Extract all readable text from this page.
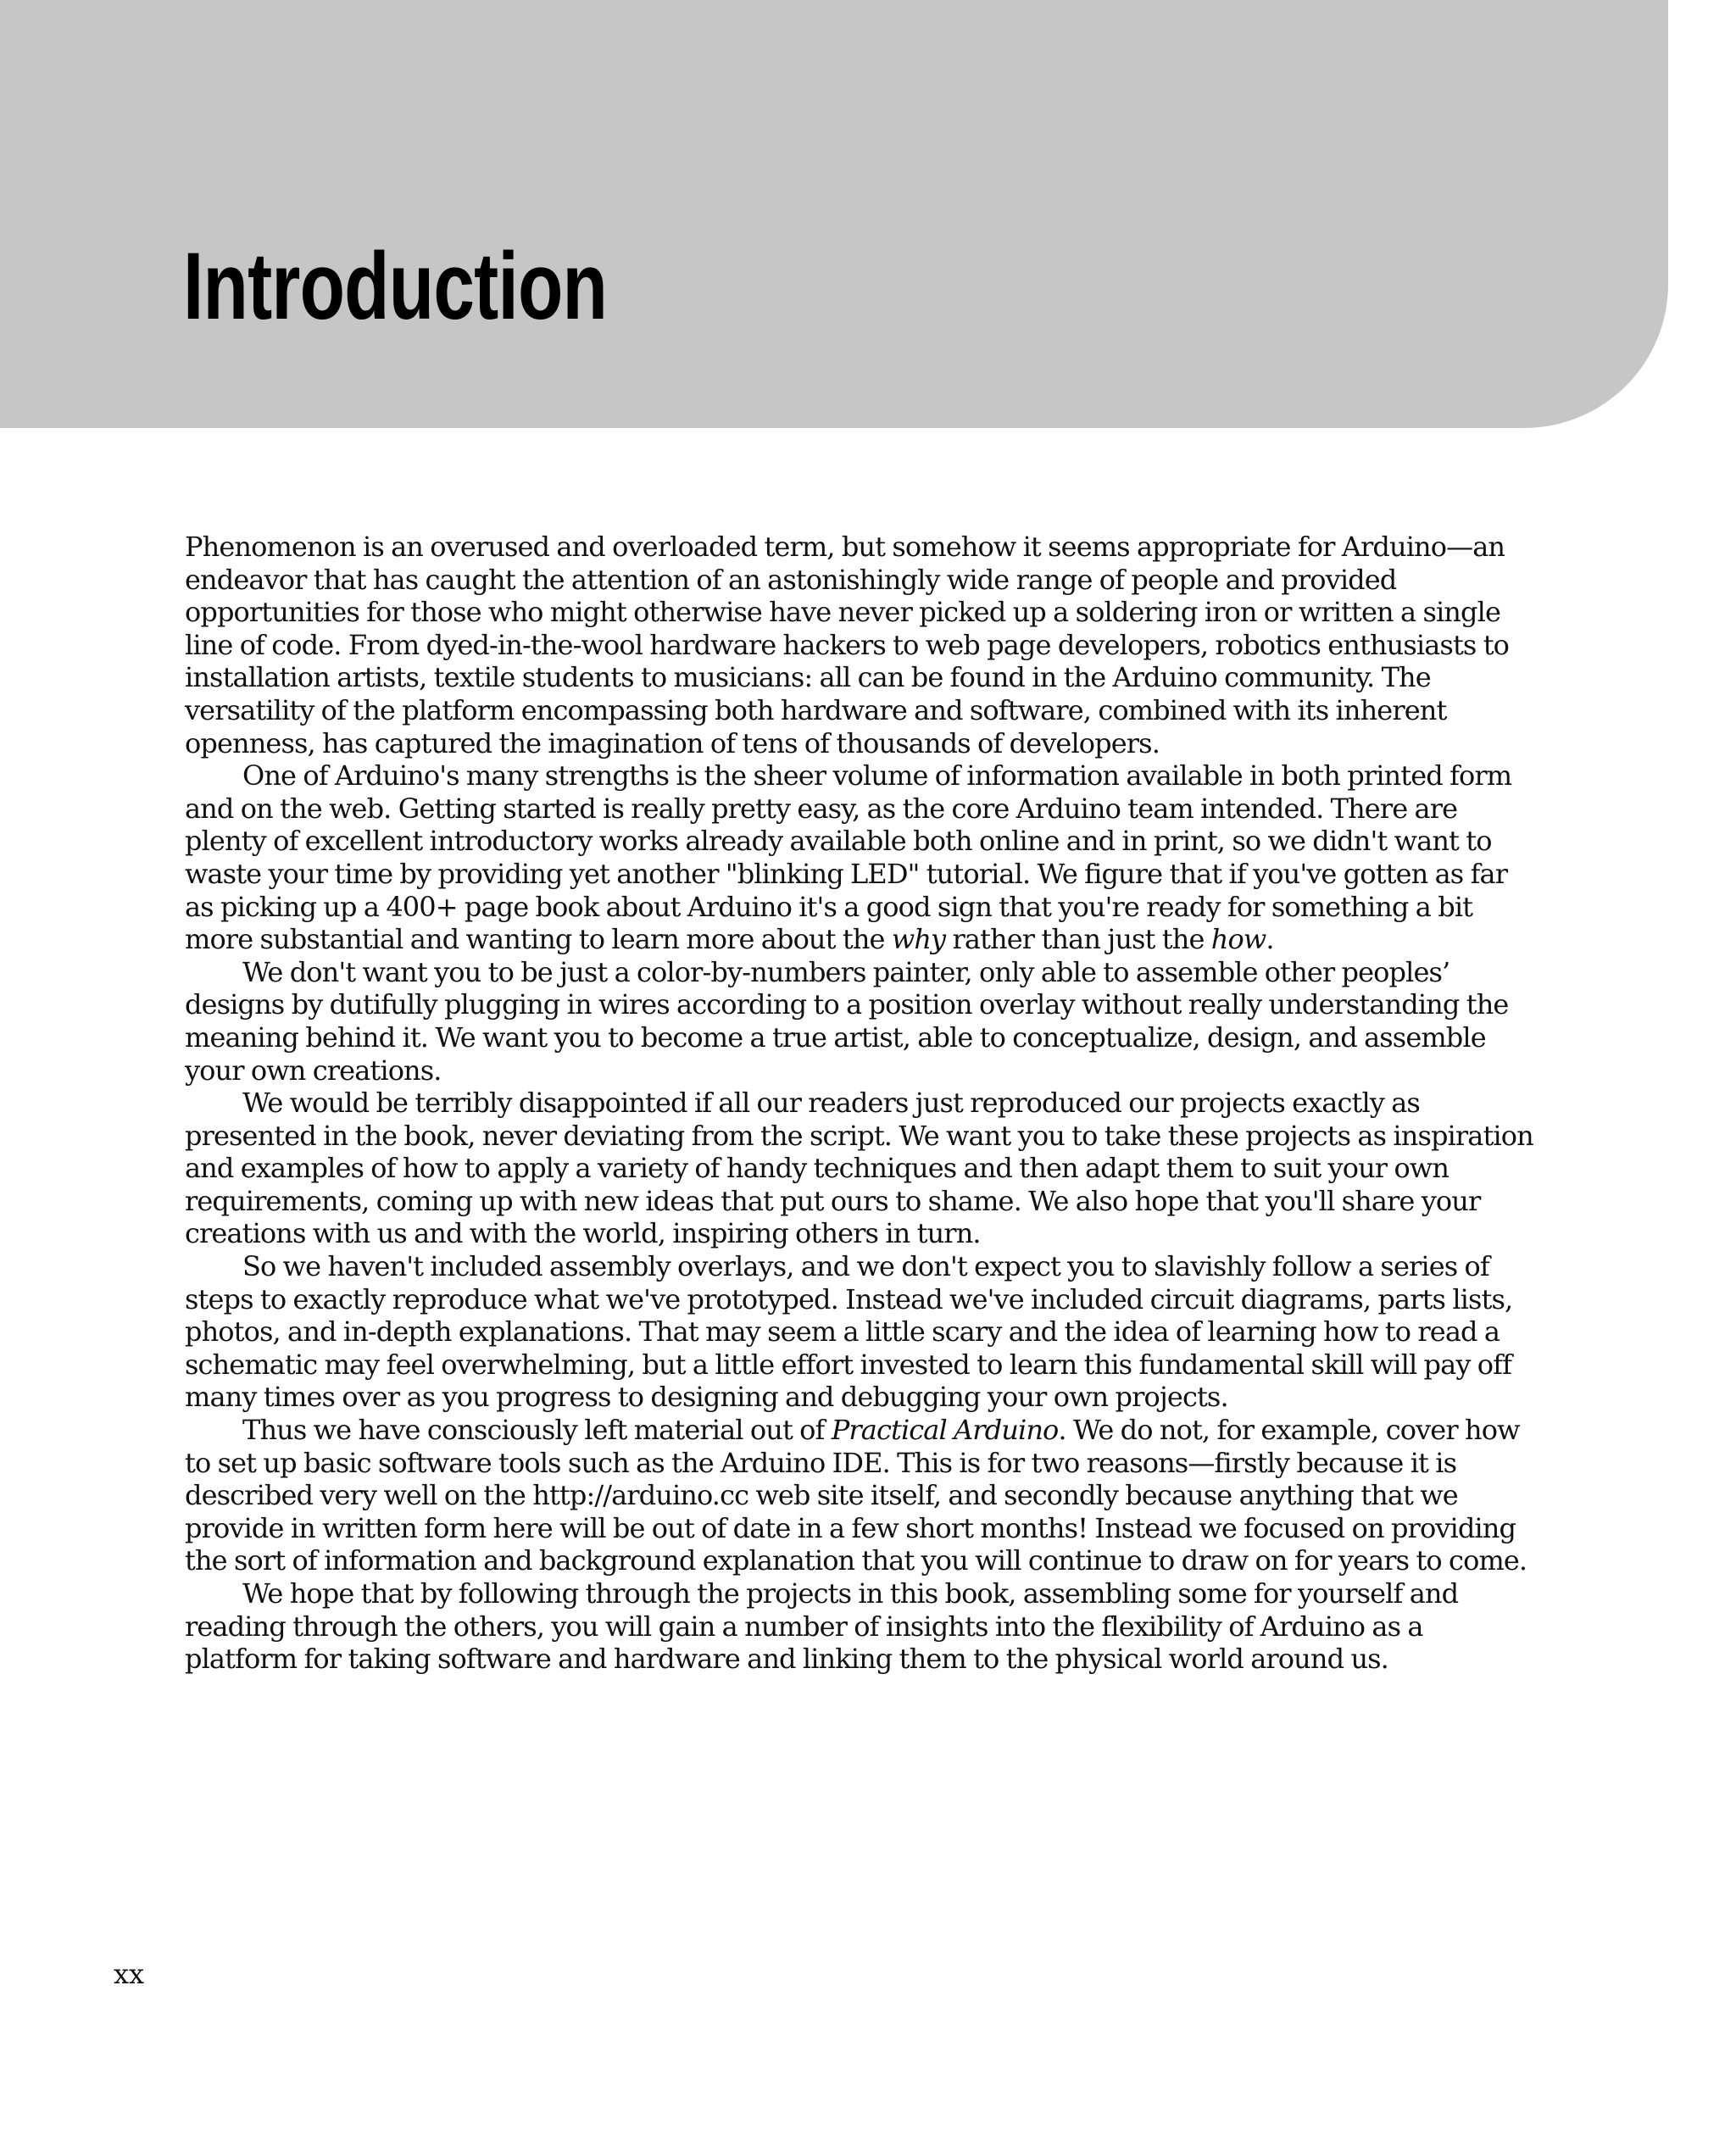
Introduction

Phenomenon is an overused and overloaded term, but somehow it seems appropriate for Arduino—an endeavor that has caught the attention of an astonishingly wide range of people and provided opportunities for those who might otherwise have never picked up a soldering iron or written a single line of code. From dyed-in-the-wool hardware hackers to web page developers, robotics enthusiasts to installation artists, textile students to musicians: all can be found in the Arduino community. The versatility of the platform encompassing both hardware and software, combined with its inherent openness, has captured the imagination of tens of thousands of developers.

One of Arduino's many strengths is the sheer volume of information available in both printed form and on the web. Getting started is really pretty easy, as the core Arduino team intended. There are plenty of excellent introductory works already available both online and in print, so we didn't want to waste your time by providing yet another "blinking LED" tutorial. We figure that if you've gotten as far as picking up a 400+ page book about Arduino it's a good sign that you're ready for something a bit more substantial and wanting to learn more about the why rather than just the how.

We don't want you to be just a color-by-numbers painter, only able to assemble other peoples’ designs by dutifully plugging in wires according to a position overlay without really understanding the meaning behind it. We want you to become a true artist, able to conceptualize, design, and assemble your own creations.

We would be terribly disappointed if all our readers just reproduced our projects exactly as presented in the book, never deviating from the script. We want you to take these projects as inspiration and examples of how to apply a variety of handy techniques and then adapt them to suit your own requirements, coming up with new ideas that put ours to shame. We also hope that you'll share your creations with us and with the world, inspiring others in turn.

So we haven't included assembly overlays, and we don't expect you to slavishly follow a series of steps to exactly reproduce what we've prototyped. Instead we've included circuit diagrams, parts lists, photos, and in-depth explanations. That may seem a little scary and the idea of learning how to read a schematic may feel overwhelming, but a little effort invested to learn this fundamental skill will pay off many times over as you progress to designing and debugging your own projects.

Thus we have consciously left material out of Practical Arduino. We do not, for example, cover how to set up basic software tools such as the Arduino IDE. This is for two reasons—firstly because it is described very well on the http://arduino.cc web site itself, and secondly because anything that we provide in written form here will be out of date in a few short months! Instead we focused on providing the sort of information and background explanation that you will continue to draw on for years to come.

We hope that by following through the projects in this book, assembling some for yourself and reading through the others, you will gain a number of insights into the flexibility of Arduino as a platform for taking software and hardware and linking them to the physical world around us.

xx
